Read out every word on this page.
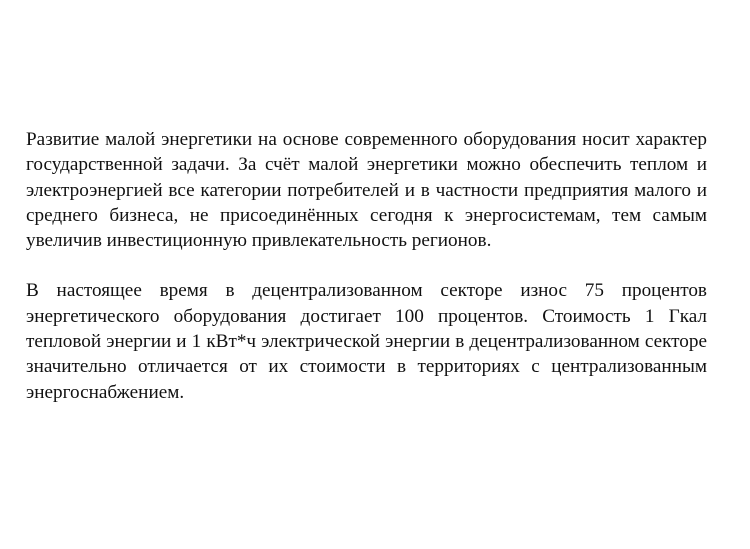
Развитие малой энергетики на основе современного оборудования носит характер государственной задачи. За счёт малой энергетики можно обеспечить теплом и электроэнергией все категории потребителей и в частности предприятия малого и среднего бизнеса, не присоединённых сегодня к энергосистемам, тем самым увеличив инвестиционную привлекательность регионов.

В настоящее время в децентрализованном секторе износ 75 процентов энергетического оборудования достигает 100 процентов. Стоимость 1 Гкал тепловой энергии и 1 кВт*ч электрической энергии в децентрализованном секторе значительно отличается от их стоимости в территориях с централизованным энергоснабжением.
